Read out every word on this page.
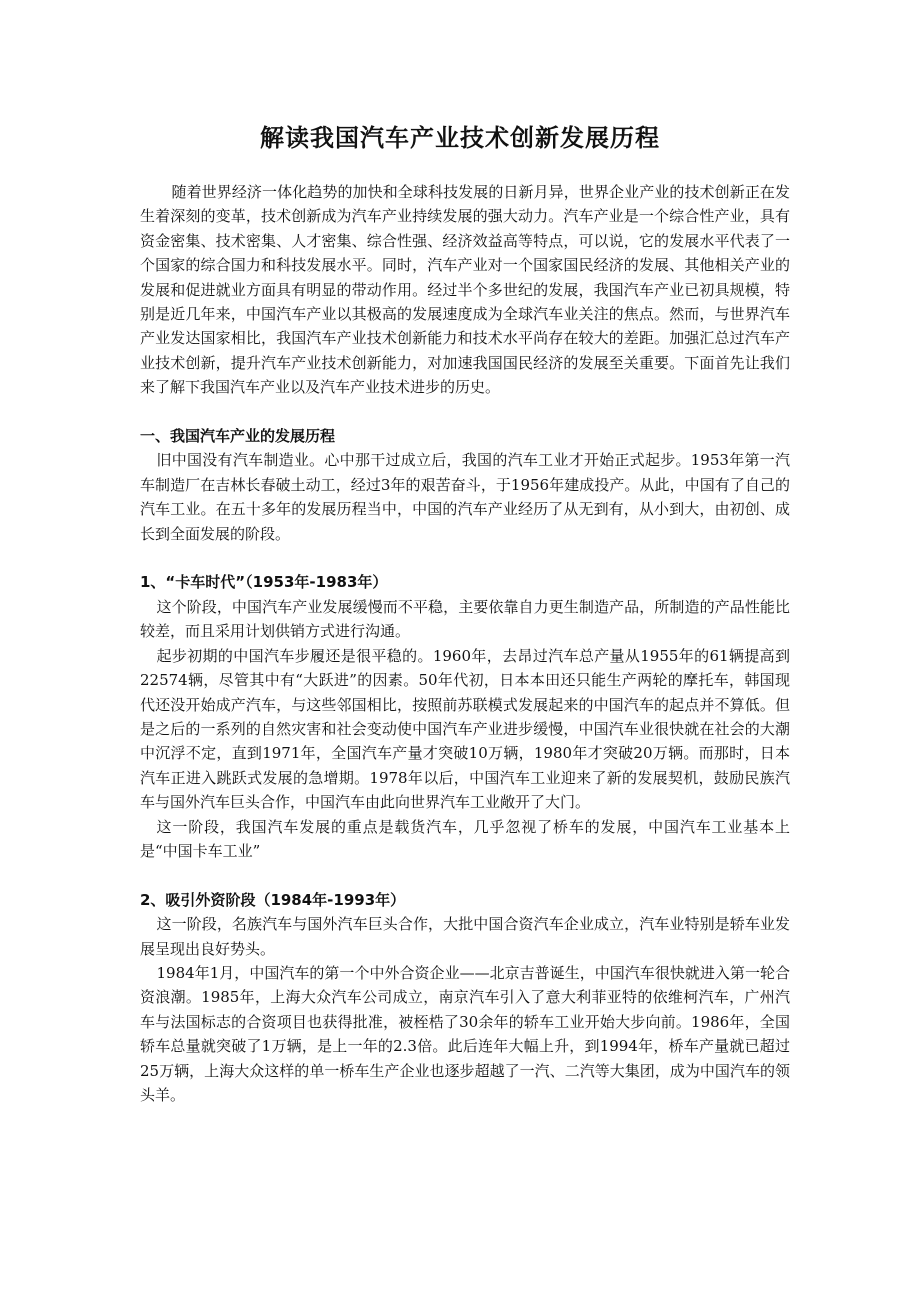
解读我国汽车产业技术创新发展历程

随着世界经济一体化趋势的加快和全球科技发展的日新月异，世界企业产业的技术创新正在发生着深刻的变革，技术创新成为汽车产业持续发展的强大动力。汽车产业是一个综合性产业，具有资金密集、技术密集、人才密集、综合性强、经济效益高等特点，可以说，它的发展水平代表了一个国家的综合国力和科技发展水平。同时，汽车产业对一个国家国民经济的发展、其他相关产业的发展和促进就业方面具有明显的带动作用。经过半个多世纪的发展，我国汽车产业已初具规模，特别是近几年来，中国汽车产业以其极高的发展速度成为全球汽车业关注的焦点。然而，与世界汽车产业发达国家相比，我国汽车产业技术创新能力和技术水平尚存在较大的差距。加强汇总过汽车产业技术创新，提升汽车产业技术创新能力，对加速我国国民经济的发展至关重要。下面首先让我们来了解下我国汽车产业以及汽车产业技术进步的历史。

一、我国汽车产业的发展历程

旧中国没有汽车制造业。心中那干过成立后，我国的汽车工业才开始正式起步。1953年第一汽车制造厂在吉林长春破土动工，经过3年的艰苦奋斗，于1956年建成投产。从此，中国有了自己的汽车工业。在五十多年的发展历程当中，中国的汽车产业经历了从无到有，从小到大，由初创、成长到全面发展的阶段。

1、“卡车时代”（1953年-1983年）

这个阶段，中国汽车产业发展缓慢而不平稳，主要依靠自力更生制造产品，所制造的产品性能比较差，而且采用计划供销方式进行沟通。

起步初期的中国汽车步履还是很平稳的。1960年，去昂过汽车总产量从1955年的61辆提高到22574辆，尽管其中有“大跃进”的因素。50年代初，日本本田还只能生产两轮的摩托车，韩国现代还没开始成产汽车，与这些邻国相比，按照前苏联模式发展起来的中国汽车的起点并不算低。但是之后的一系列的自然灾害和社会变动使中国汽车产业进步缓慢，中国汽车业很快就在社会的大潮中沉浮不定，直到1971年，全国汽车产量才突破10万辆，1980年才突破20万辆。而那时，日本汽车正进入跳跃式发展的急增期。1978年以后，中国汽车工业迎来了新的发展契机，鼓励民族汽车与国外汽车巨头合作，中国汽车由此向世界汽车工业敞开了大门。

这一阶段，我国汽车发展的重点是载货汽车，几乎忽视了桥车的发展，中国汽车工业基本上是“中国卡车工业”

2、吸引外资阶段（1984年-1993年）

这一阶段，名族汽车与国外汽车巨头合作，大批中国合资汽车企业成立，汽车业特别是轿车业发展呈现出良好势头。

1984年1月，中国汽车的第一个中外合资企业——北京吉普诞生，中国汽车很快就进入第一轮合资浪潮。1985年，上海大众汽车公司成立，南京汽车引入了意大利菲亚特的依维柯汽车，广州汽车与法国标志的合资项目也获得批准，被桎梏了30余年的轿车工业开始大步向前。1986年，全国轿车总量就突破了1万辆，是上一年的2.3倍。此后连年大幅上升，到1994年，桥车产量就已超过25万辆，上海大众这样的单一桥车生产企业也逐步超越了一汽、二汽等大集团，成为中国汽车的领头羊。
